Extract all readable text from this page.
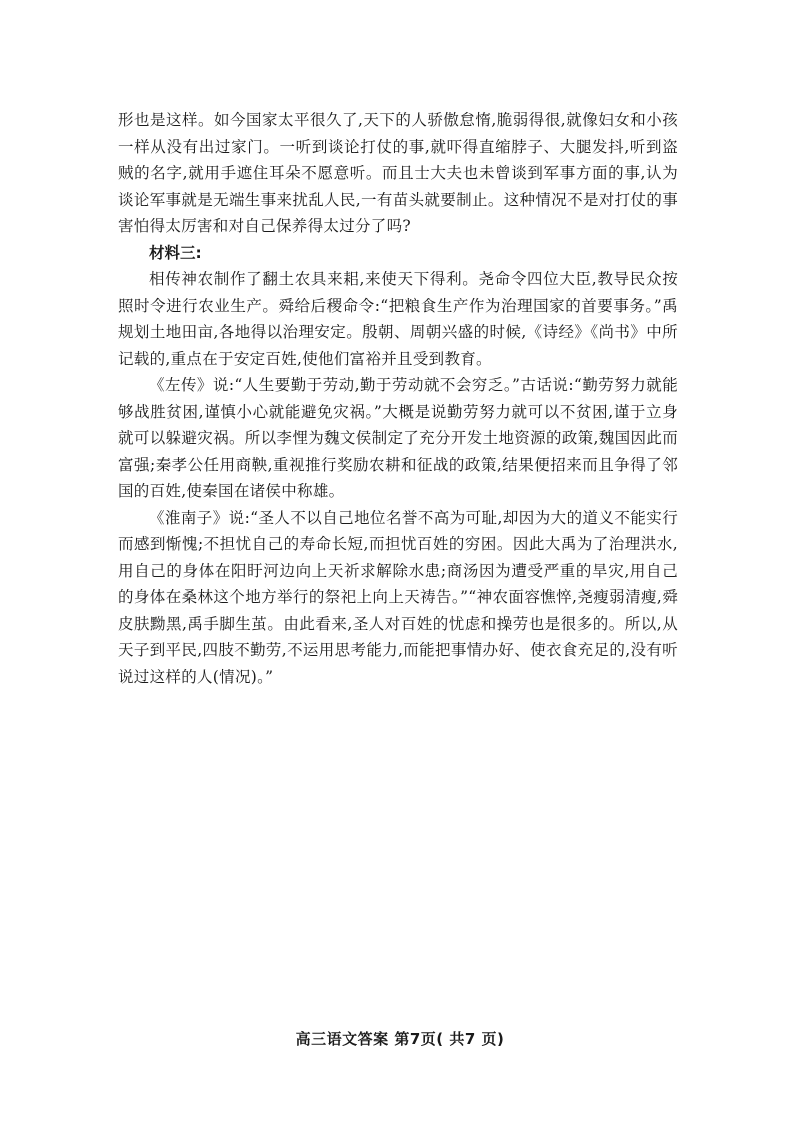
形也是这样。如今国家太平很久了,天下的人骄傲怠惰,脆弱得很,就像妇女和小孩一样从没有出过家门。一听到谈论打仗的事,就吓得直缩脖子、大腿发抖,听到盗贼的名字,就用手遮住耳朵不愿意听。而且士大夫也未曾谈到军事方面的事,认为谈论军事就是无端生事来扰乱人民,一有苗头就要制止。这种情况不是对打仗的事害怕得太厉害和对自己保养得太过分了吗?

材料三:

相传神农制作了翻土农具来耜,来使天下得利。尧命令四位大臣,教导民众按照时令进行农业生产。舜给后稷命令:“把粮食生产作为治理国家的首要事务。”禹规划土地田亩,各地得以治理安定。殷朝、周朝兴盛的时候,《诗经》《尚书》中所记载的,重点在于安定百姓,使他们富裕并且受到教育。

《左传》说:“人生要勤于劳动,勤于劳动就不会穷乏。”古话说:“勤劳努力就能够战胜贫困,谨慎小心就能避免灾祸。”大概是说勤劳努力就可以不贫困,谨于立身就可以躲避灾祸。所以李悝为魏文侯制定了充分开发土地资源的政策,魏国因此而富强;秦孝公任用商鞅,重视推行奖励农耕和征战的政策,结果便招来而且争得了邻国的百姓,使秦国在诸侯中称雄。

《淮南子》说:“圣人不以自己地位名誉不高为可耻,却因为大的道义不能实行而感到惭愧;不担忧自己的寿命长短,而担忧百姓的穷困。因此大禹为了治理洪水,用自己的身体在阳盱河边向上天祈求解除水患;商汤因为遭受严重的旱灾,用自己的身体在桑林这个地方举行的祭祀上向上天祷告。”“神农面容憔悴,尧瘦弱清瘦,舜皮肤黝黑,禹手脚生茧。由此看来,圣人对百姓的忧虑和操劳也是很多的。所以,从天子到平民,四肢不勤劳,不运用思考能力,而能把事情办好、使衣食充足的,没有听说过这样的人(情况)。”

高三语文答案 第7页( 共7 页)
